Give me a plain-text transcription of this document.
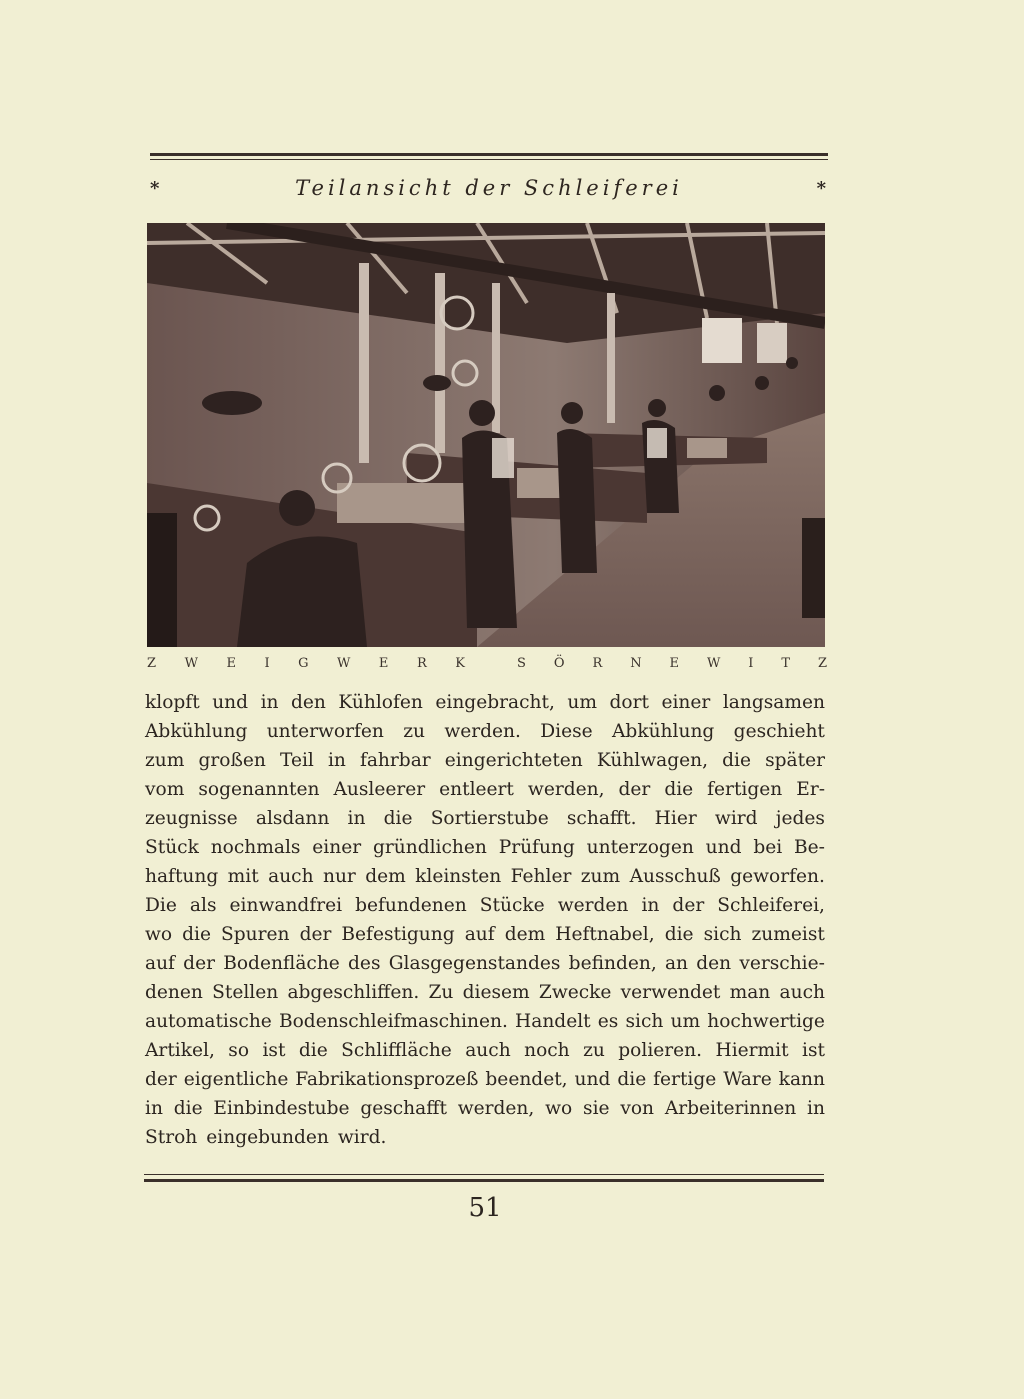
*	Teilansicht der Schleiferei	*
Z W E I G W E R K	S Ö R N E W I T Z
klopft und in den Kühlofen eingebracht, um dort einer langsamen
Abkühlung unterworfen zu werden. Diese Abkühlung geschieht
zum großen Teil in fahrbar eingerichteten Kühlwagen, die später
vom sogenannten Ausleerer entleert werden, der die fertigen Er-
zeugnisse alsdann in die Sortierstube schafft. Hier wird jedes
Stück nochmals einer gründlichen Prüfung unterzogen und bei Be-
haftung mit auch nur dem kleinsten Fehler zum Ausschuß geworfen.
Die als einwandfrei befundenen Stücke werden in der Schleiferei,
wo die Spuren der Befestigung auf dem Heftnabel, die sich zumeist
auf der Bodenfläche des Glasgegenstandes befinden, an den verschie-
denen Stellen abgeschliffen. Zu diesem Zwecke verwendet man auch
automatische Bodenschleifmaschinen. Handelt es sich um hochwertige
Artikel, so ist die Schliffläche auch noch zu polieren. Hiermit ist
der eigentliche Fabrikationsprozeß beendet, und die fertige Ware kann
in die Einbindestube geschafft werden, wo sie von Arbeiterinnen in
Stroh eingebunden wird.
51
